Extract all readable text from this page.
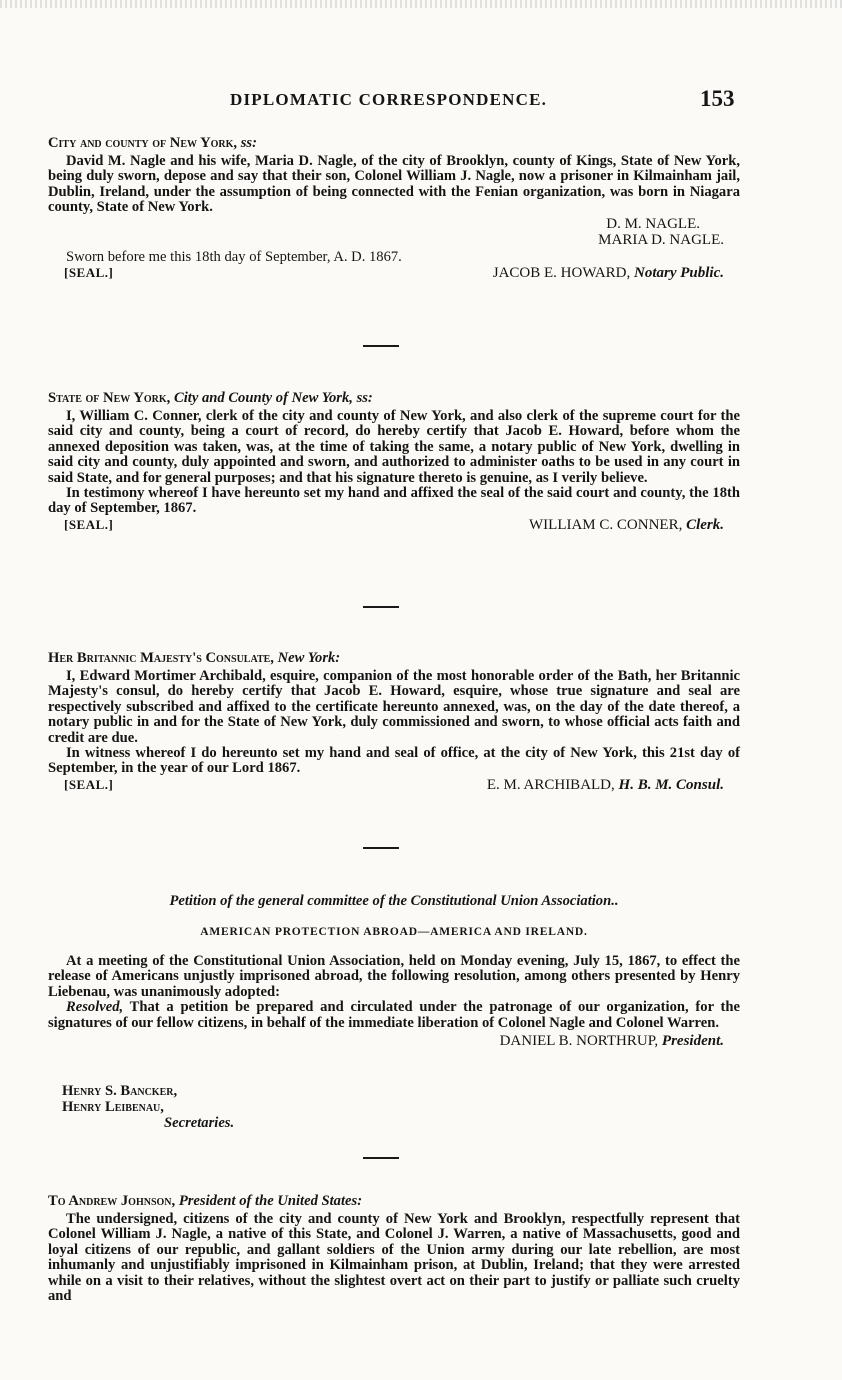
DIPLOMATIC CORRESPONDENCE.	153
City and county of New York, ss:

David M. Nagle and his wife, Maria D. Nagle, of the city of Brooklyn, county of Kings, State of New York, being duly sworn, depose and say that their son, Colonel William J. Nagle, now a prisoner in Kilmainham jail, Dublin, Ireland, under the assumption of being connected with the Fenian organization, was born in Niagara county, State of New York.

D. M. NAGLE.
MARIA D. NAGLE.

Sworn before me this 18th day of September, A. D. 1867.

[SEAL.]	JACOB E. HOWARD, Notary Public.
State of New York, City and County of New York, ss:

I, William C. Conner, clerk of the city and county of New York, and also clerk of the supreme court for the said city and county, being a court of record, do hereby certify that Jacob E. Howard, before whom the annexed deposition was taken, was, at the time of taking the same, a notary public of New York, dwelling in said city and county, duly appointed and sworn, and authorized to administer oaths to be used in any court in said State, and for general purposes; and that his signature thereto is genuine, as I verily believe.

In testimony whereof I have hereunto set my hand and affixed the seal of the said court and county, the 18th day of September, 1867.

[SEAL.]	WILLIAM C. CONNER, Clerk.
Her Britannic Majesty's Consulate, New York:

I, Edward Mortimer Archibald, esquire, companion of the most honorable order of the Bath, her Britannic Majesty's consul, do hereby certify that Jacob E. Howard, esquire, whose true signature and seal are respectively subscribed and affixed to the certificate hereunto annexed, was, on the day of the date thereof, a notary public in and for the State of New York, duly commissioned and sworn, to whose official acts faith and credit are due.

In witness whereof I do hereunto set my hand and seal of office, at the city of New York, this 21st day of September, in the year of our Lord 1867.

[SEAL.]	E. M. ARCHIBALD, H. B. M. Consul.
Petition of the general committee of the Constitutional Union Association..
AMERICAN PROTECTION ABROAD—AMERICA AND IRELAND.

At a meeting of the Constitutional Union Association, held on Monday evening, July 15, 1867, to effect the release of Americans unjustly imprisoned abroad, the following resolution, among others presented by Henry Liebenau, was unanimously adopted:

Resolved, That a petition be prepared and circulated under the patronage of our organization, for the signatures of our fellow citizens, in behalf of the immediate liberation of Colonel Nagle and Colonel Warren.

DANIEL B. NORTHRUP, President.
Henry S. Bancker,
Henry Leibenau,
Secretaries.
To Andrew Johnson, President of the United States:

The undersigned, citizens of the city and county of New York and Brooklyn, respectfully represent that Colonel William J. Nagle, a native of this State, and Colonel J. Warren, a native of Massachusetts, good and loyal citizens of our republic, and gallant soldiers of the Union army during our late rebellion, are most inhumanly and unjustifiably imprisoned in Kilmainham prison, at Dublin, Ireland; that they were arrested while on a visit to their relatives, without the slightest overt act on their part to justify or palliate such cruelty and
